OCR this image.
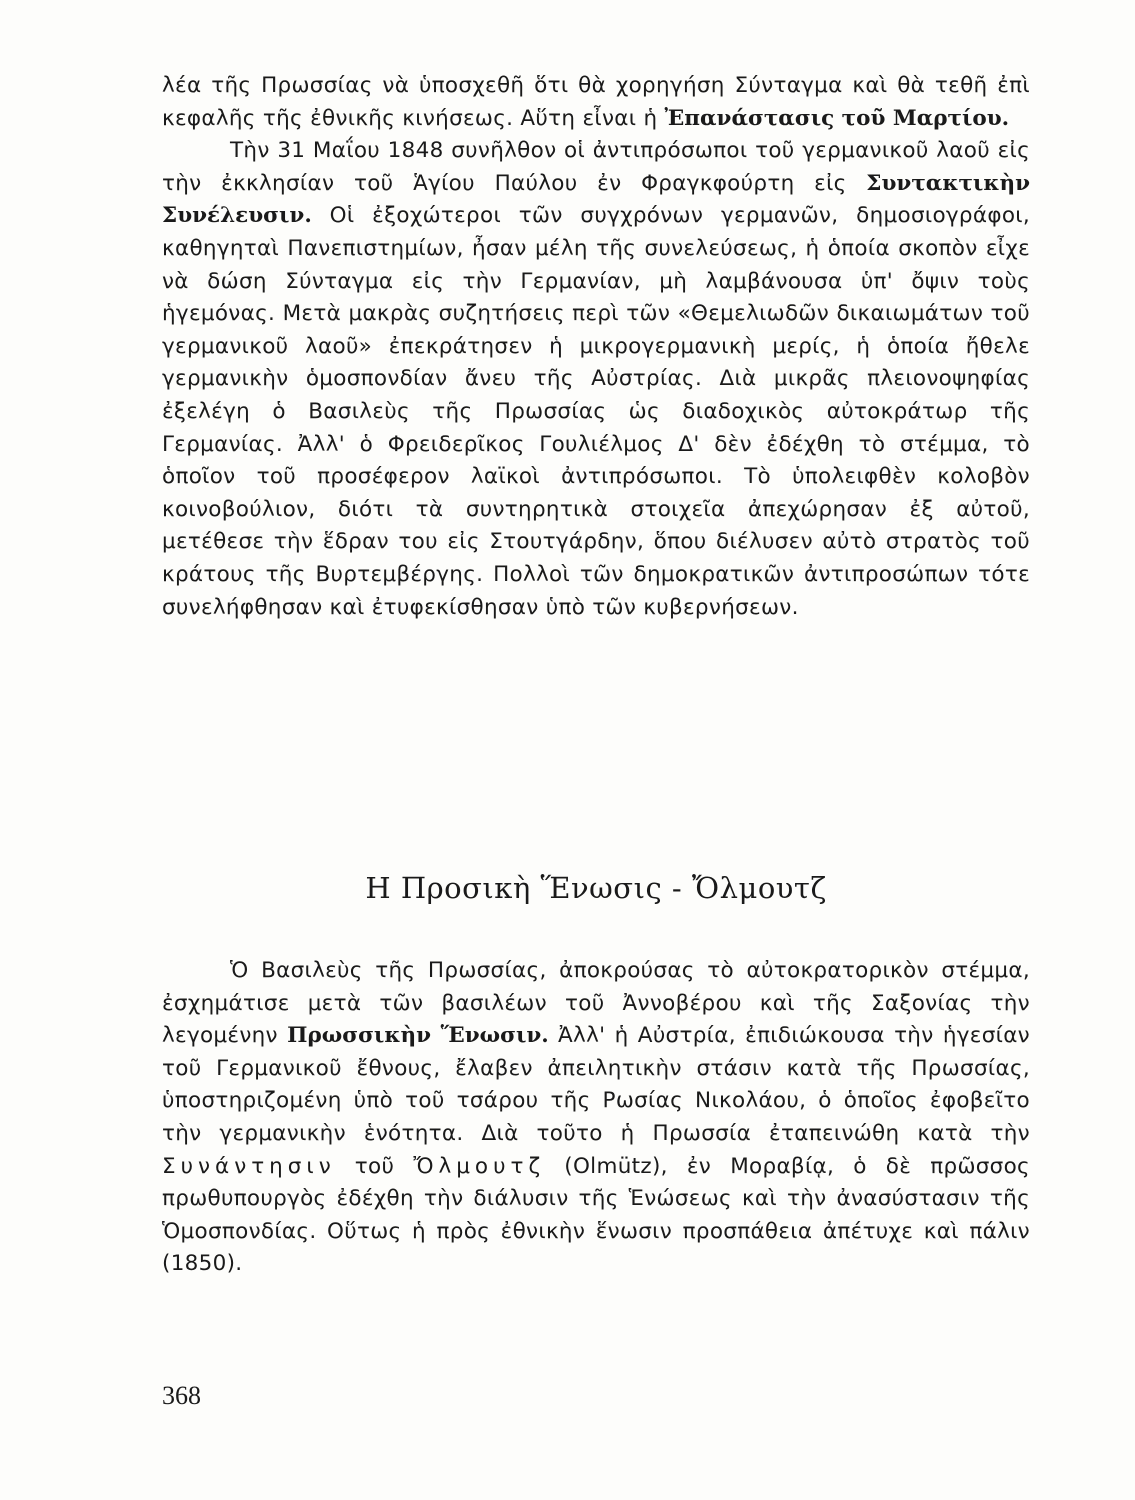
λέα τῆς Πρωσσίας νὰ ὑποσχεθῆ ὅτι θὰ χορηγήση Σύνταγμα καὶ θὰ τεθῆ ἐπὶ κεφαλῆς τῆς ἐθνικῆς κινήσεως. Αὕτη εἶναι ἡ Ἐπανάστασις τοῦ Μαρτίου.

Τὴν 31 Μαΐου 1848 συνῆλθον οἱ ἀντιπρόσωποι τοῦ γερμανικοῦ λαοῦ εἰς τὴν ἐκκλησίαν τοῦ Ἁγίου Παύλου ἐν Φραγκφούρτη εἰς Συντακτικὴν Συνέλευσιν. Οἱ ἐξοχώτεροι τῶν συγχρόνων γερμανῶν, δημοσιογράφοι, καθηγηταὶ Πανεπιστημίων, ἦσαν μέλη τῆς συνελεύσεως, ἡ ὁποία σκοπὸν εἶχε νὰ δώση Σύνταγμα εἰς τὴν Γερμανίαν, μὴ λαμβάνουσα ὑπ' ὄψιν τοὺς ἡγεμόνας. Μετὰ μακρὰς συζητήσεις περὶ τῶν «Θεμελιωδῶν δικαιωμάτων τοῦ γερμανικοῦ λαοῦ» ἐπεκράτησεν ἡ μικρογερμανικὴ μερίς, ἡ ὁποία ἤθελε γερμανικὴν ὁμοσπονδίαν ἄνευ τῆς Αὐστρίας. Διὰ μικρᾶς πλειονοψηφίας ἐξελέγη ὁ Βασιλεὺς τῆς Πρωσσίας ὡς διαδοχικὸς αὐτοκράτωρ τῆς Γερμανίας. Ἀλλ' ὁ Φρειδερῖκος Γουλιέλμος Δ' δὲν ἐδέχθη τὸ στέμμα, τὸ ὁποῖον τοῦ προσέφερον λαϊκοὶ ἀντιπρόσωποι. Τὸ ὑπολειφθὲν κολοβὸν κοινοβούλιον, διότι τὰ συντηρητικὰ στοιχεῖα ἀπεχώρησαν ἐξ αὐτοῦ, μετέθεσε τὴν ἕδραν του εἰς Στουτγάρδην, ὅπου διέλυσεν αὐτὸ στρατὸς τοῦ κράτους τῆς Βυρτεμβέργης. Πολλοὶ τῶν δημοκρατικῶν ἀντιπροσώπων τότε συνελήφθησαν καὶ ἐτυφεκίσθησαν ὑπὸ τῶν κυβερνήσεων.

Η Προσικὴ Ἕνωσις - Ὄλμουτζ

Ὁ Βασιλεὺς τῆς Πρωσσίας, ἀποκρούσας τὸ αὐτοκρατορικὸν στέμμα, ἐσχημάτισε μετὰ τῶν βασιλέων τοῦ Ἀννοβέρου καὶ τῆς Σαξονίας τὴν λεγομένην Πρωσσικὴν Ἕνωσιν. Ἀλλ' ἡ Αὐστρία, ἐπιδιώκουσα τὴν ἡγεσίαν τοῦ Γερμανικοῦ ἔθνους, ἔλαβεν ἀπειλητικὴν στάσιν κατὰ τῆς Πρωσσίας, ὑποστηριζομένη ὑπὸ τοῦ τσάρου τῆς Ρωσίας Νικολάου, ὁ ὁποῖος ἐφοβεῖτο τὴν γερμανικὴν ἑνότητα. Διὰ τοῦτο ἡ Πρωσσία ἐταπεινώθη κατὰ τὴν Συνάντησιν τοῦ Ὄλμουτζ (Olmütz), ἐν Μοραβίᾳ, ὁ δὲ πρῶσσος πρωθυπουργὸς ἐδέχθη τὴν διάλυσιν τῆς Ἑνώσεως καὶ τὴν ἀνασύστασιν τῆς Ὁμοσπονδίας. Οὕτως ἡ πρὸς ἐθνικὴν ἕνωσιν προσπάθεια ἀπέτυχε καὶ πάλιν (1850).

368
